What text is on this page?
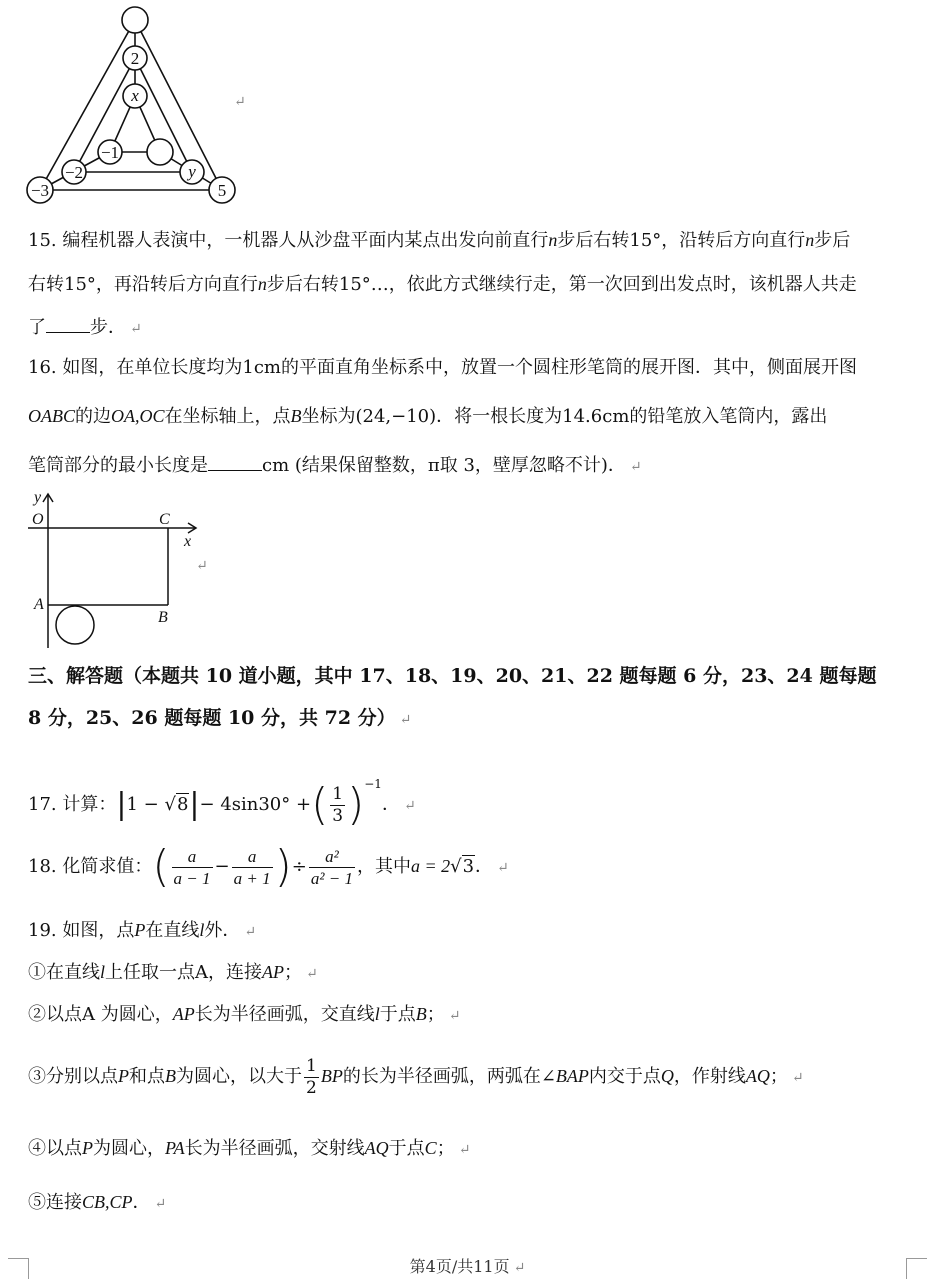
2
x
−1
−2	y
−3	5
↵
15. 编程机器人表演中，一机器人从沙盘平面内某点出发向前直行n步后右转15°，沿转后方向直行n步后
右转15°，再沿转后方向直行n步后右转15°…，依此方式继续行走，第一次回到出发点时，该机器人共走
了 步． ↵
16. 如图，在单位长度均为1cm的平面直角坐标系中，放置一个圆柱形笔筒的展开图．其中，侧面展开图
OABC的边OA,OC在坐标轴上，点B坐标为(24,−10)．将一根长度为14.6cm的铅笔放入笔筒内，露出
笔筒部分的最小长度是	cm (结果保留整数，π取 3，壁厚忽略不计)． ↵
y
O	C
x
A
B
↵
三、解答题（本题共 10 道小题，其中 17、18、19、20、21、22 题每题 6 分，23、24 题每题
8 分，25、26 题每题 10 分，共 72 分） ↵
17. 计算：|1 − √8|− 4sin30° +( $\frac{1}{3} )^{-1}$． ↵
18. 化简求值：( $\frac{a}{a - 1} - \frac{a}{a + 1}$ )÷ $\frac{\text{a²}}{\text{a² − 1}}$ ，其中a = 2√3． ↵
19. 如图，点P在直线l外． ↵
①在直线l上任取一点A，连接AP； ↵
②以点A 为圆心，AP长为半径画弧，交直线l于点B； ↵
③分别以点P和点B为圆心，以大于 $\frac{1}{2}$ BP的长为半径画弧，两弧在∠BAP内交于点Q，作射线AQ； ↵
④以点P为圆心，PA长为半径画弧，交射线AQ于点C； ↵
⑤连接CB,CP． ↵
第4页/共11页 ↵
